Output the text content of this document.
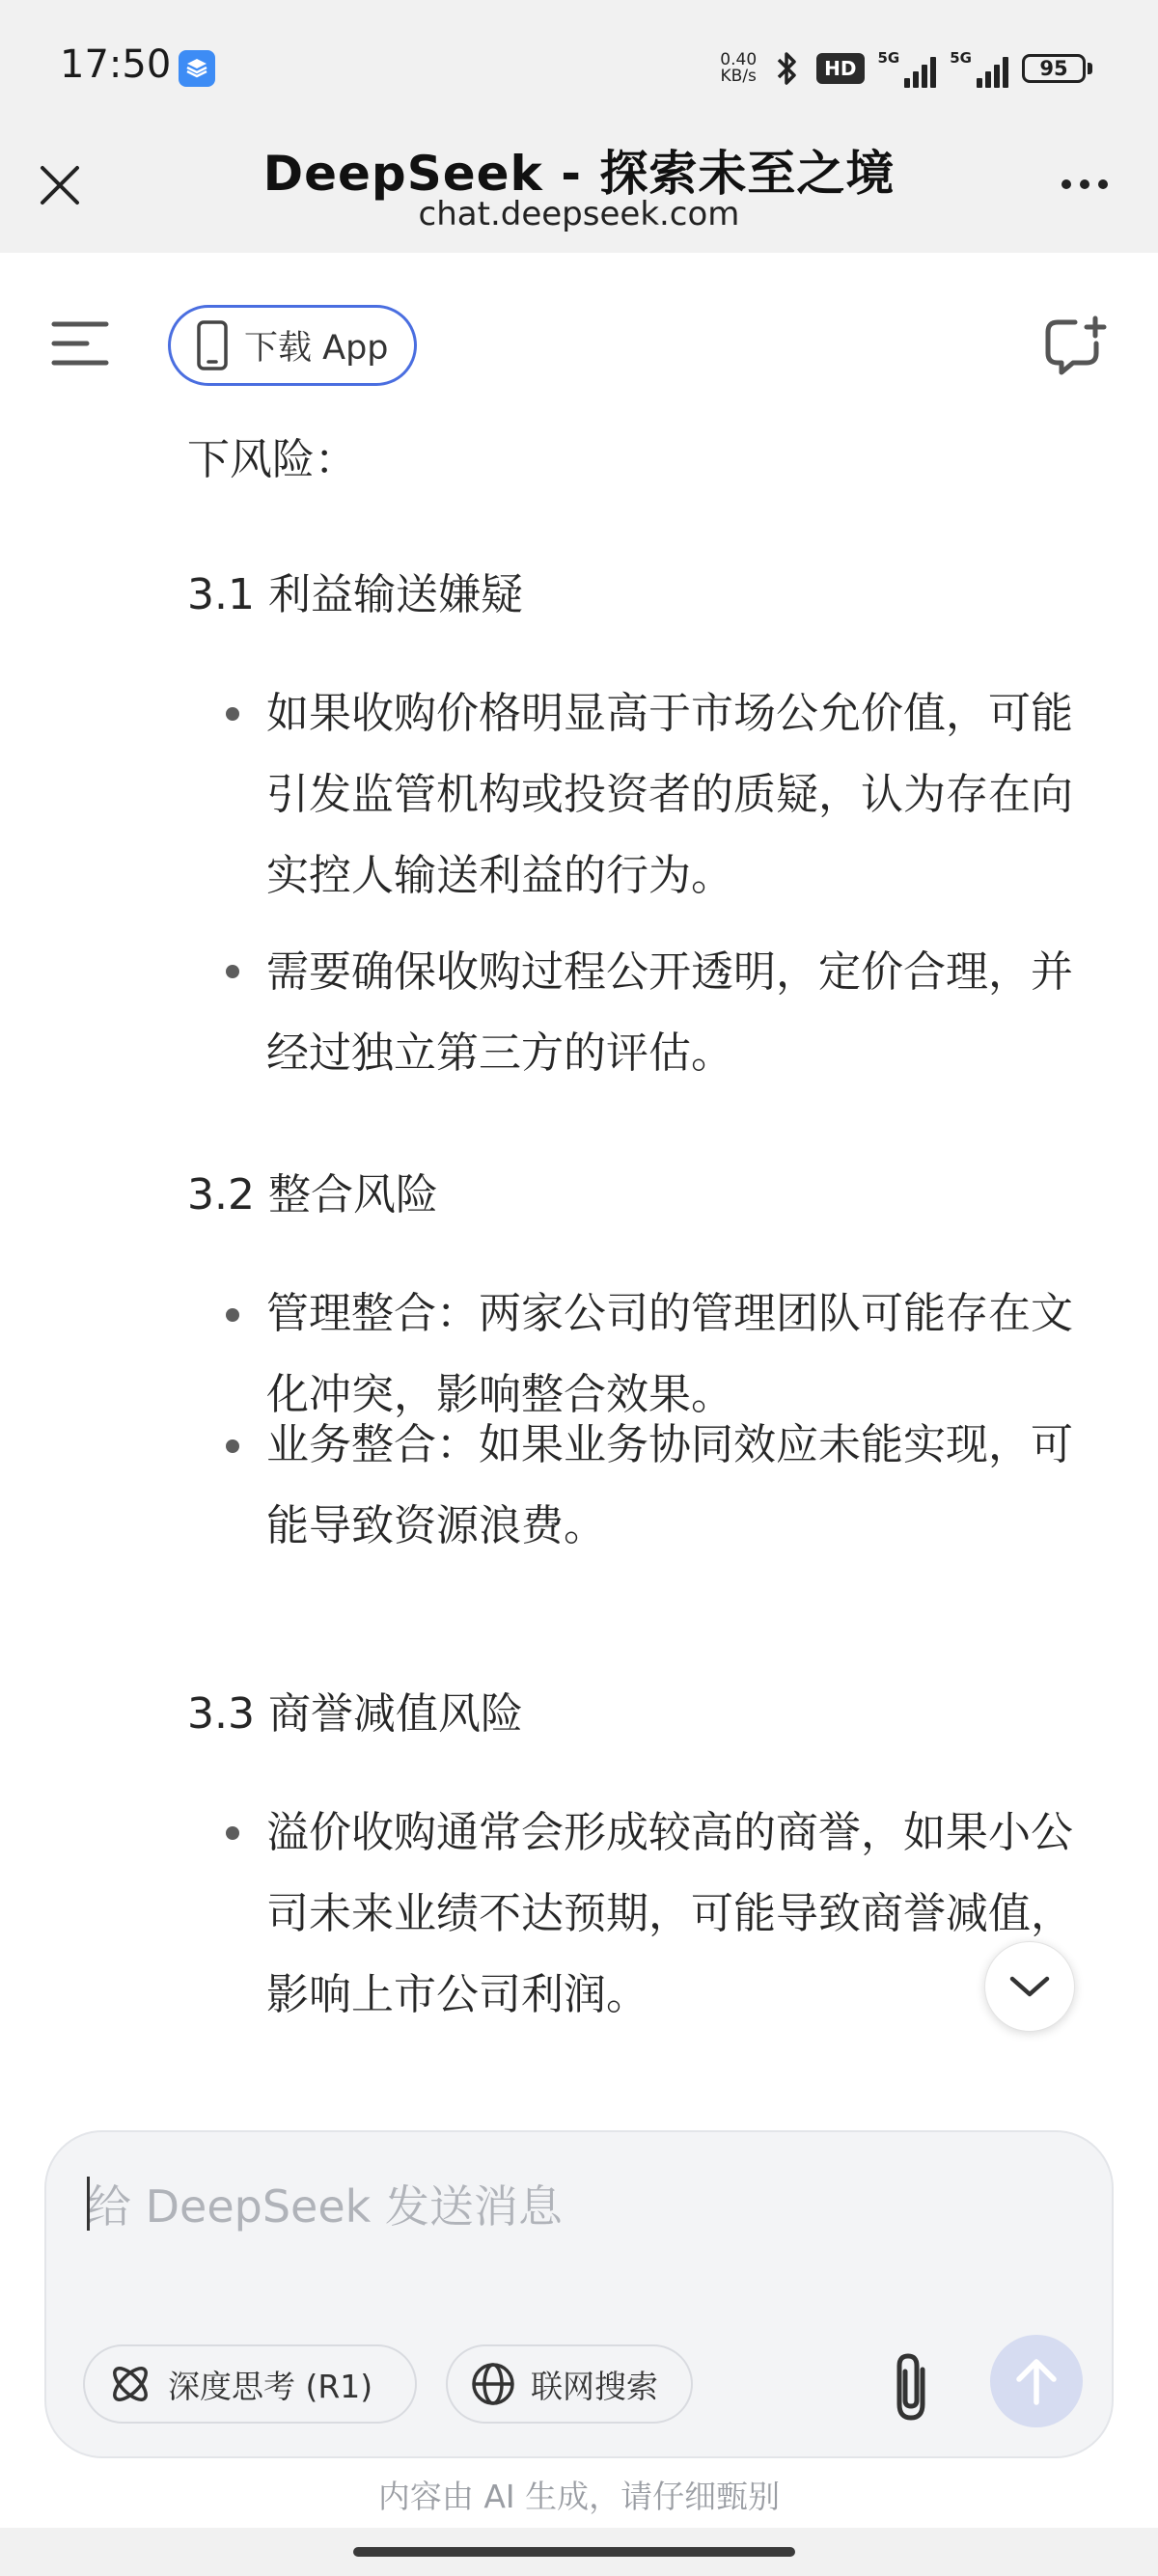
17:50	0.40
KB/s	HD	5G	5G	95
DeepSeek - 探索未至之境
chat.deepseek.com
下载 App
下风险：
3.1 利益输送嫌疑
如果收购价格明显高于市场公允价值，可能引发监管机构或投资者的质疑，认为存在向实控人输送利益的行为。
需要确保收购过程公开透明，定价合理，并经过独立第三方的评估。
3.2 整合风险
管理整合：两家公司的管理团队可能存在文化冲突，影响整合效果。
业务整合：如果业务协同效应未能实现，可能导致资源浪费。
3.3 商誉减值风险
溢价收购通常会形成较高的商誉，如果小公司未来业绩不达预期，可能导致商誉减值，影响上市公司利润。
给 DeepSeek 发送消息
深度思考 (R1)	联网搜索
内容由 AI 生成，请仔细甄别
